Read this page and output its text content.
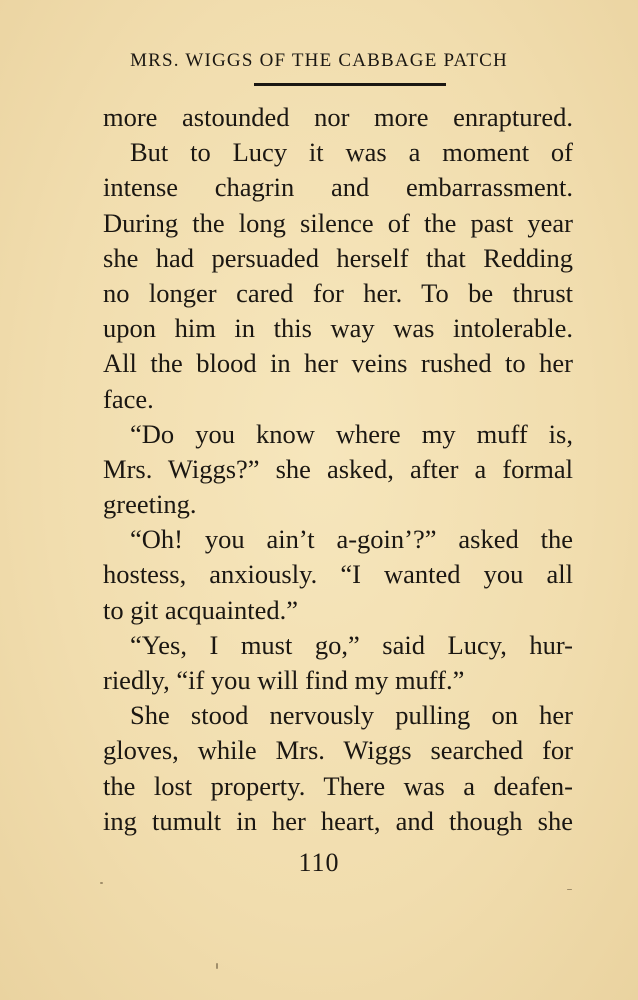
MRS. WIGGS OF THE CABBAGE PATCH
more astounded nor more enraptured.
But to Lucy it was a moment of
intense chagrin and embarrassment.
During the long silence of the past year
she had persuaded herself that Redding
no longer cared for her. To be thrust
upon him in this way was intolerable.
All the blood in her veins rushed to her
face.
“Do you know where my muff is,
Mrs. Wiggs?” she asked, after a formal
greeting.
“Oh! you ain’t a-goin’?” asked the
hostess, anxiously. “I wanted you all
to git acquainted.”
“Yes, I must go,” said Lucy, hur-
riedly, “if you will find my muff.”
She stood nervously pulling on her
gloves, while Mrs. Wiggs searched for
the lost property. There was a deafen-
ing tumult in her heart, and though she
110
